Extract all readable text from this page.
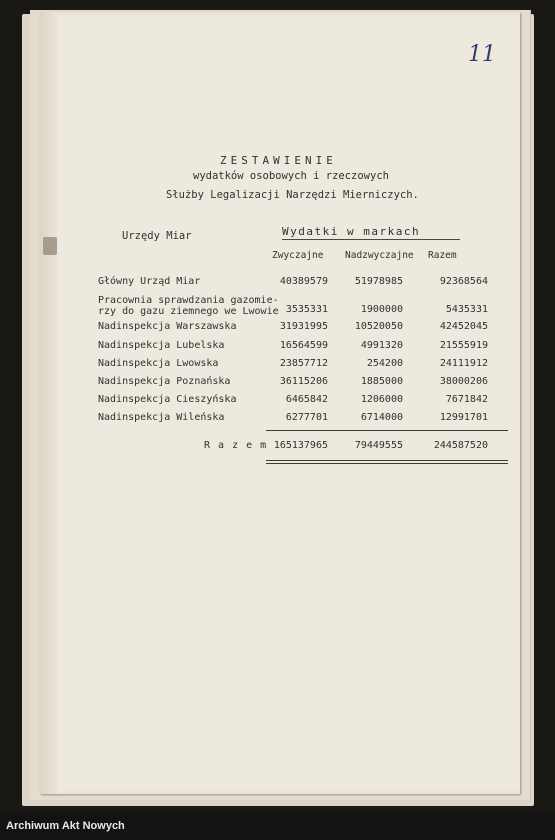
11
ZESTAWIENIE
wydatków osobowych i rzeczowych
Służby Legalizacji Narzędzi Mierniczych.
Urzędy Miar	Wydatki w markach
Zwyczajne Nadzwyczajne Razem
Główny Urząd Miar	40389579	51978985	92368564
Pracownia sprawdzania gazomie-
rzy do gazu ziemnego we Lwowie 3535331	1900000	5435331
Nadinspekcja Warszawska	31931995	10520050	42452045
Nadinspekcja Lubelska	16564599	4991320	21555919
Nadinspekcja Lwowska	23857712	254200	24111912
Nadinspekcja Poznańska	36115206	1885000	38000206
Nadinspekcja Cieszyńska	6465842	1206000	7671842
Nadinspekcja Wileńska	6277701	6714000	12991701
R a z e m 165137965	79449555	244587520
Archiwum Akt Nowych
